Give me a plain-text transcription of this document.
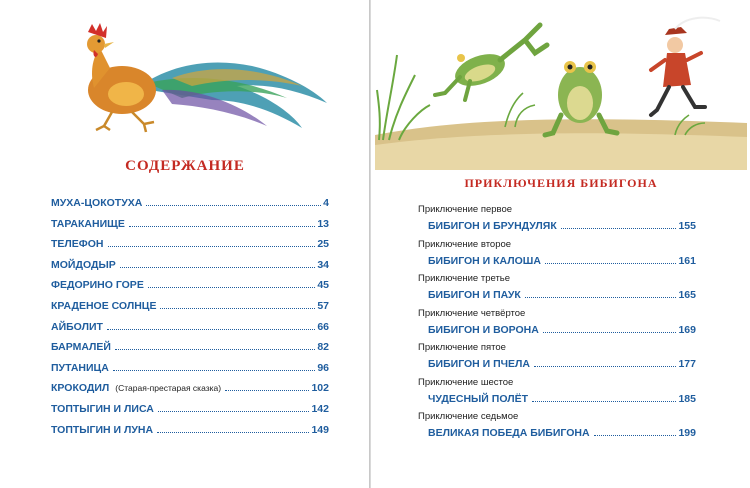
СОДЕРЖАНИЕ
МУХА-ЦОКОТУХА	4
ТАРАКАНИЩЕ	13
ТЕЛЕФОН	25
МОЙДОДЫР	34
ФЕДОРИНО ГОРЕ	45
КРАДЕНОЕ СОЛНЦЕ	57
АЙБОЛИТ	66
БАРМАЛЕЙ	82
ПУТАНИЦА	96
КРОКОДИЛ (Старая-престарая сказка)	102
ТОПТЫГИН И ЛИСА	142
ТОПТЫГИН И ЛУНА	149
ПРИКЛЮЧЕНИЯ БИБИГОНА
Приключение первое
БИБИГОН И БРУНДУЛЯК	155
Приключение второе
БИБИГОН И КАЛОША	161
Приключение третье
БИБИГОН И ПАУК	165
Приключение четвёртое
БИБИГОН И ВОРОНА	169
Приключение пятое
БИБИГОН И ПЧЕЛА	177
Приключение шестое
ЧУДЕСНЫЙ ПОЛЁТ	185
Приключение седьмое
ВЕЛИКАЯ ПОБЕДА БИБИГОНА	199
